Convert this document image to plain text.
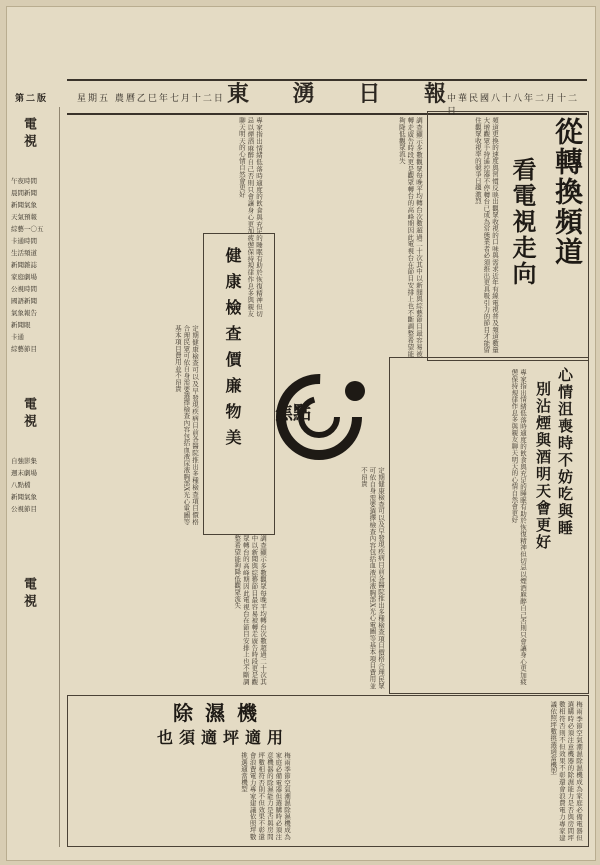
中華民國八十八年二月十二日
東 湧 日 報
星期五 農曆乙巳年七月十二日
第二版
電視
電視
電視
午夜時間
晨間新聞
新聞氣象
天氣預報
綜藝一〇五
卡通時間
生活頻道
新聞雜誌
家庭劇場
公視時間
國語新聞
氣象報告
新聞眼
卡通
綜藝節目
自強影集
週末劇場
八點檔
新聞氣象
公視節目
從轉換頻道
看電視走向
頻道更換的速度與習慣反映出觀眾收視的口味與需求近年有線電視普及頻道數量大增觀眾手持遙控器不停轉台已成為常態業者必須推出更具吸引力的節目才能留住觀眾收視率的競爭日趨激烈
調查顯示多數觀眾每晚平均轉台次數超過二十次其中以新聞與綜藝節目最容易被轉走廣告時段更是觀眾轉台的高峰期因此電視台在節目安排上也不斷調整希望能夠降低觀眾流失
專家指出情緒低落時適度的飲食與充足的睡眠有助於恢復精神但切忌以煙酒麻醉自己否則只會讓身心更加疲憊保持規律作息多與親友聊天明天的心情自然會更好
焦點	心情沮喪時不妨吃與睡
別沾煙與酒明天會更好
專家指出情緒低落時適度的飲食與充足的睡眠有助於恢復精神但切忌以煙酒麻醉自己否則只會讓身心更加疲憊保持規律作息多與親友聊天明天的心情自然會更好
健康檢查價廉物美
定期健康檢查可以及早發現疾病目前各醫院推出多種檢查項目價格合理民眾可依自身需要選擇檢查內容包括血液尿液胸部X光心電圖等基本項目費用並不昂貴
定期健康檢查可以及早發現疾病目前各醫院推出多種檢查項目價格合理民眾可依自身需要選擇檢查內容包括血液尿液胸部X光心電圖等基本項目費用並不昂貴
調查顯示多數觀眾每晚平均轉台次數超過二十次其中以新聞與綜藝節目最容易被轉走廣告時段更是觀眾轉台的高峰期因此電視台在節目安排上也不斷調整希望能夠降低觀眾流失
除濕機
也須適坪適用
梅雨季節空氣潮濕除濕機成為家庭必備電器但選購時必須注意機器的除濕能力是否與房間坪數相符否則不但效果不彰還會浪費電力專家建議依照坪數挑選適當機型	梅雨季節空氣潮濕除濕機成為家庭必備電器但選購時必須注意機器的除濕能力是否與房間坪數相符否則不但效果不彰還會浪費電力專家建議依照坪數挑選適當機型
